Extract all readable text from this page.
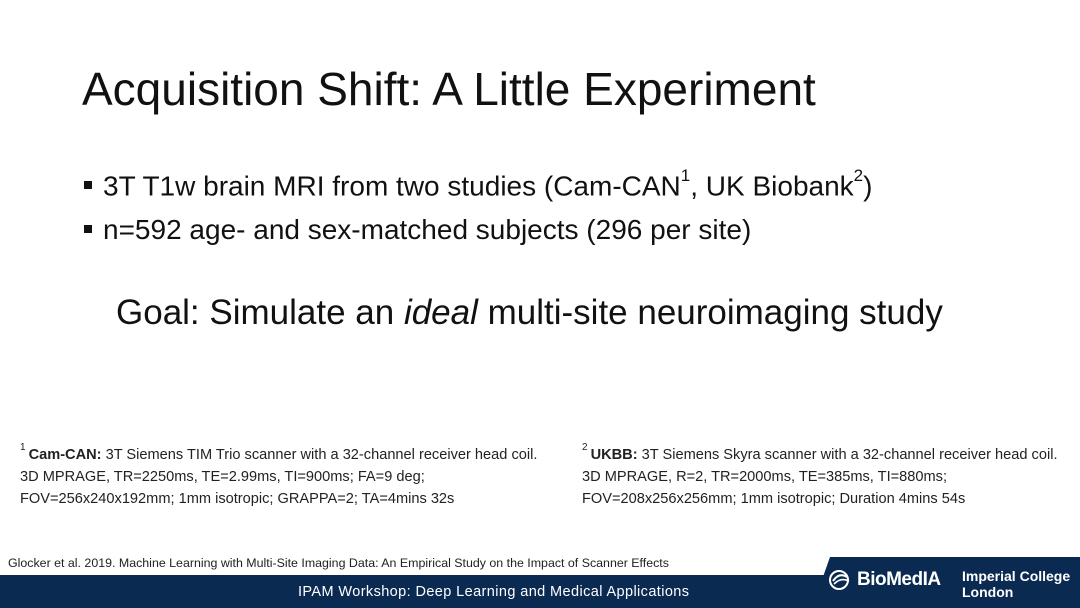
Acquisition Shift: A Little Experiment
3T T1w brain MRI from two studies (Cam-CAN$^1$, UK Biobank$^2$)
n=592 age- and sex-matched subjects (296 per site)
Goal: Simulate an ideal multi-site neuroimaging study
$^1$ Cam-CAN: 3T Siemens TIM Trio scanner with a 32-channel receiver head coil. 3D MPRAGE, TR=2250ms, TE=2.99ms, TI=900ms; FA=9 deg; FOV=256x240x192mm; 1mm isotropic; GRAPPA=2; TA=4mins 32s
$^2$ UKBB: 3T Siemens Skyra scanner with a 32-channel receiver head coil. 3D MPRAGE, R=2, TR=2000ms, TE=385ms, TI=880ms; FOV=208x256x256mm; 1mm isotropic; Duration 4mins 54s
Glocker et al. 2019. Machine Learning with Multi-Site Imaging Data: An Empirical Study on the Impact of Scanner Effects
IPAM Workshop: Deep Learning and Medical Applications
BioMedIA Imperial College
London
